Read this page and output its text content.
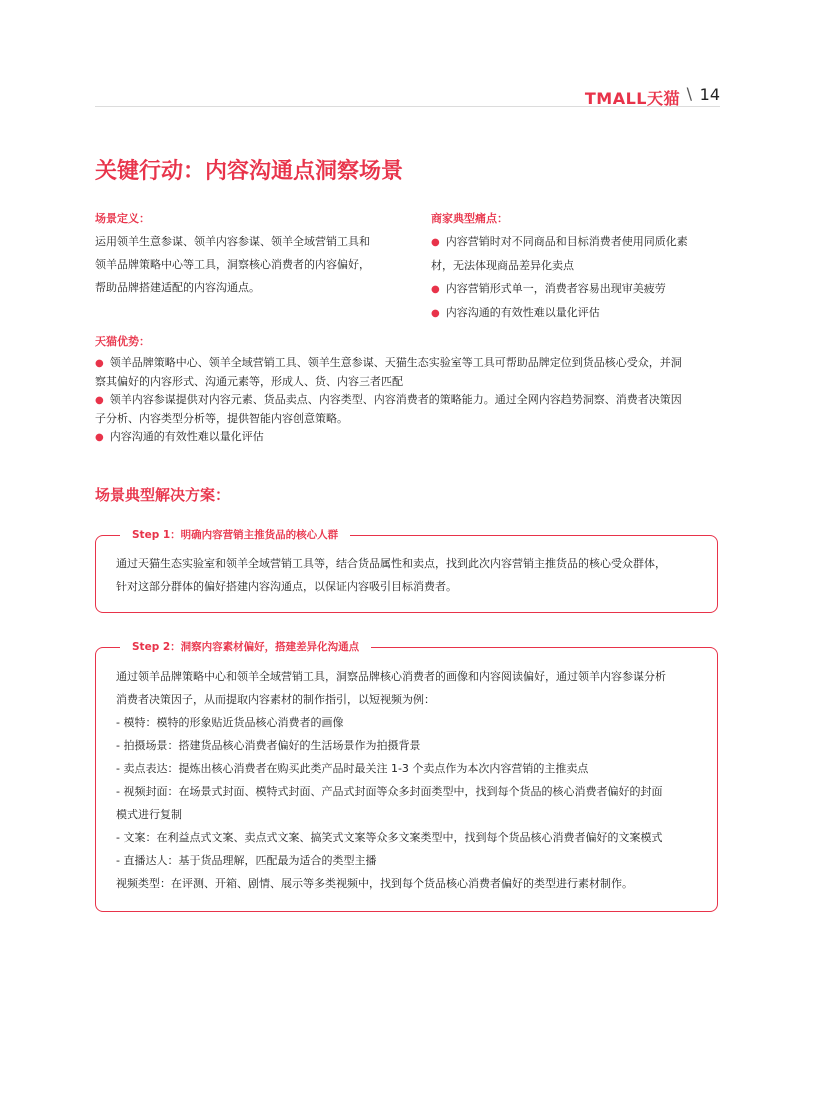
TMALL天猫 \ 14
关键行动：内容沟通点洞察场景
场景定义：
运用领羊生意参谋、领羊内容参谋、领羊全域营销工具和
领羊品牌策略中心等工具，洞察核心消费者的内容偏好，
帮助品牌搭建适配的内容沟通点。
商家典型痛点：
● 内容营销时对不同商品和目标消费者使用同质化素
材，无法体现商品差异化卖点
● 内容营销形式单一，消费者容易出现审美疲劳
● 内容沟通的有效性难以量化评估
天猫优势：
● 领羊品牌策略中心、领羊全域营销工具、领羊生意参谋、天猫生态实验室等工具可帮助品牌定位到货品核心受众，并洞
察其偏好的内容形式、沟通元素等，形成人、货、内容三者匹配
● 领羊内容参谋提供对内容元素、货品卖点、内容类型、内容消费者的策略能力。通过全网内容趋势洞察、消费者决策因
子分析、内容类型分析等，提供智能内容创意策略。
● 内容沟通的有效性难以量化评估
场景典型解决方案：
Step 1：明确内容营销主推货品的核心人群
通过天猫生态实验室和领羊全域营销工具等，结合货品属性和卖点，找到此次内容营销主推货品的核心受众群体，
针对这部分群体的偏好搭建内容沟通点，以保证内容吸引目标消费者。
Step 2：洞察内容素材偏好，搭建差异化沟通点
通过领羊品牌策略中心和领羊全域营销工具，洞察品牌核心消费者的画像和内容阅读偏好，通过领羊内容参谋分析
消费者决策因子，从而提取内容素材的制作指引，以短视频为例：
- 模特：模特的形象贴近货品核心消费者的画像
- 拍摄场景：搭建货品核心消费者偏好的生活场景作为拍摄背景
- 卖点表达：提炼出核心消费者在购买此类产品时最关注 1-3 个卖点作为本次内容营销的主推卖点
- 视频封面：在场景式封面、模特式封面、产品式封面等众多封面类型中，找到每个货品的核心消费者偏好的封面
模式进行复制
- 文案：在利益点式文案、卖点式文案、搞笑式文案等众多文案类型中，找到每个货品核心消费者偏好的文案模式
- 直播达人：基于货品理解，匹配最为适合的类型主播
视频类型：在评测、开箱、剧情、展示等多类视频中，找到每个货品核心消费者偏好的类型进行素材制作。
